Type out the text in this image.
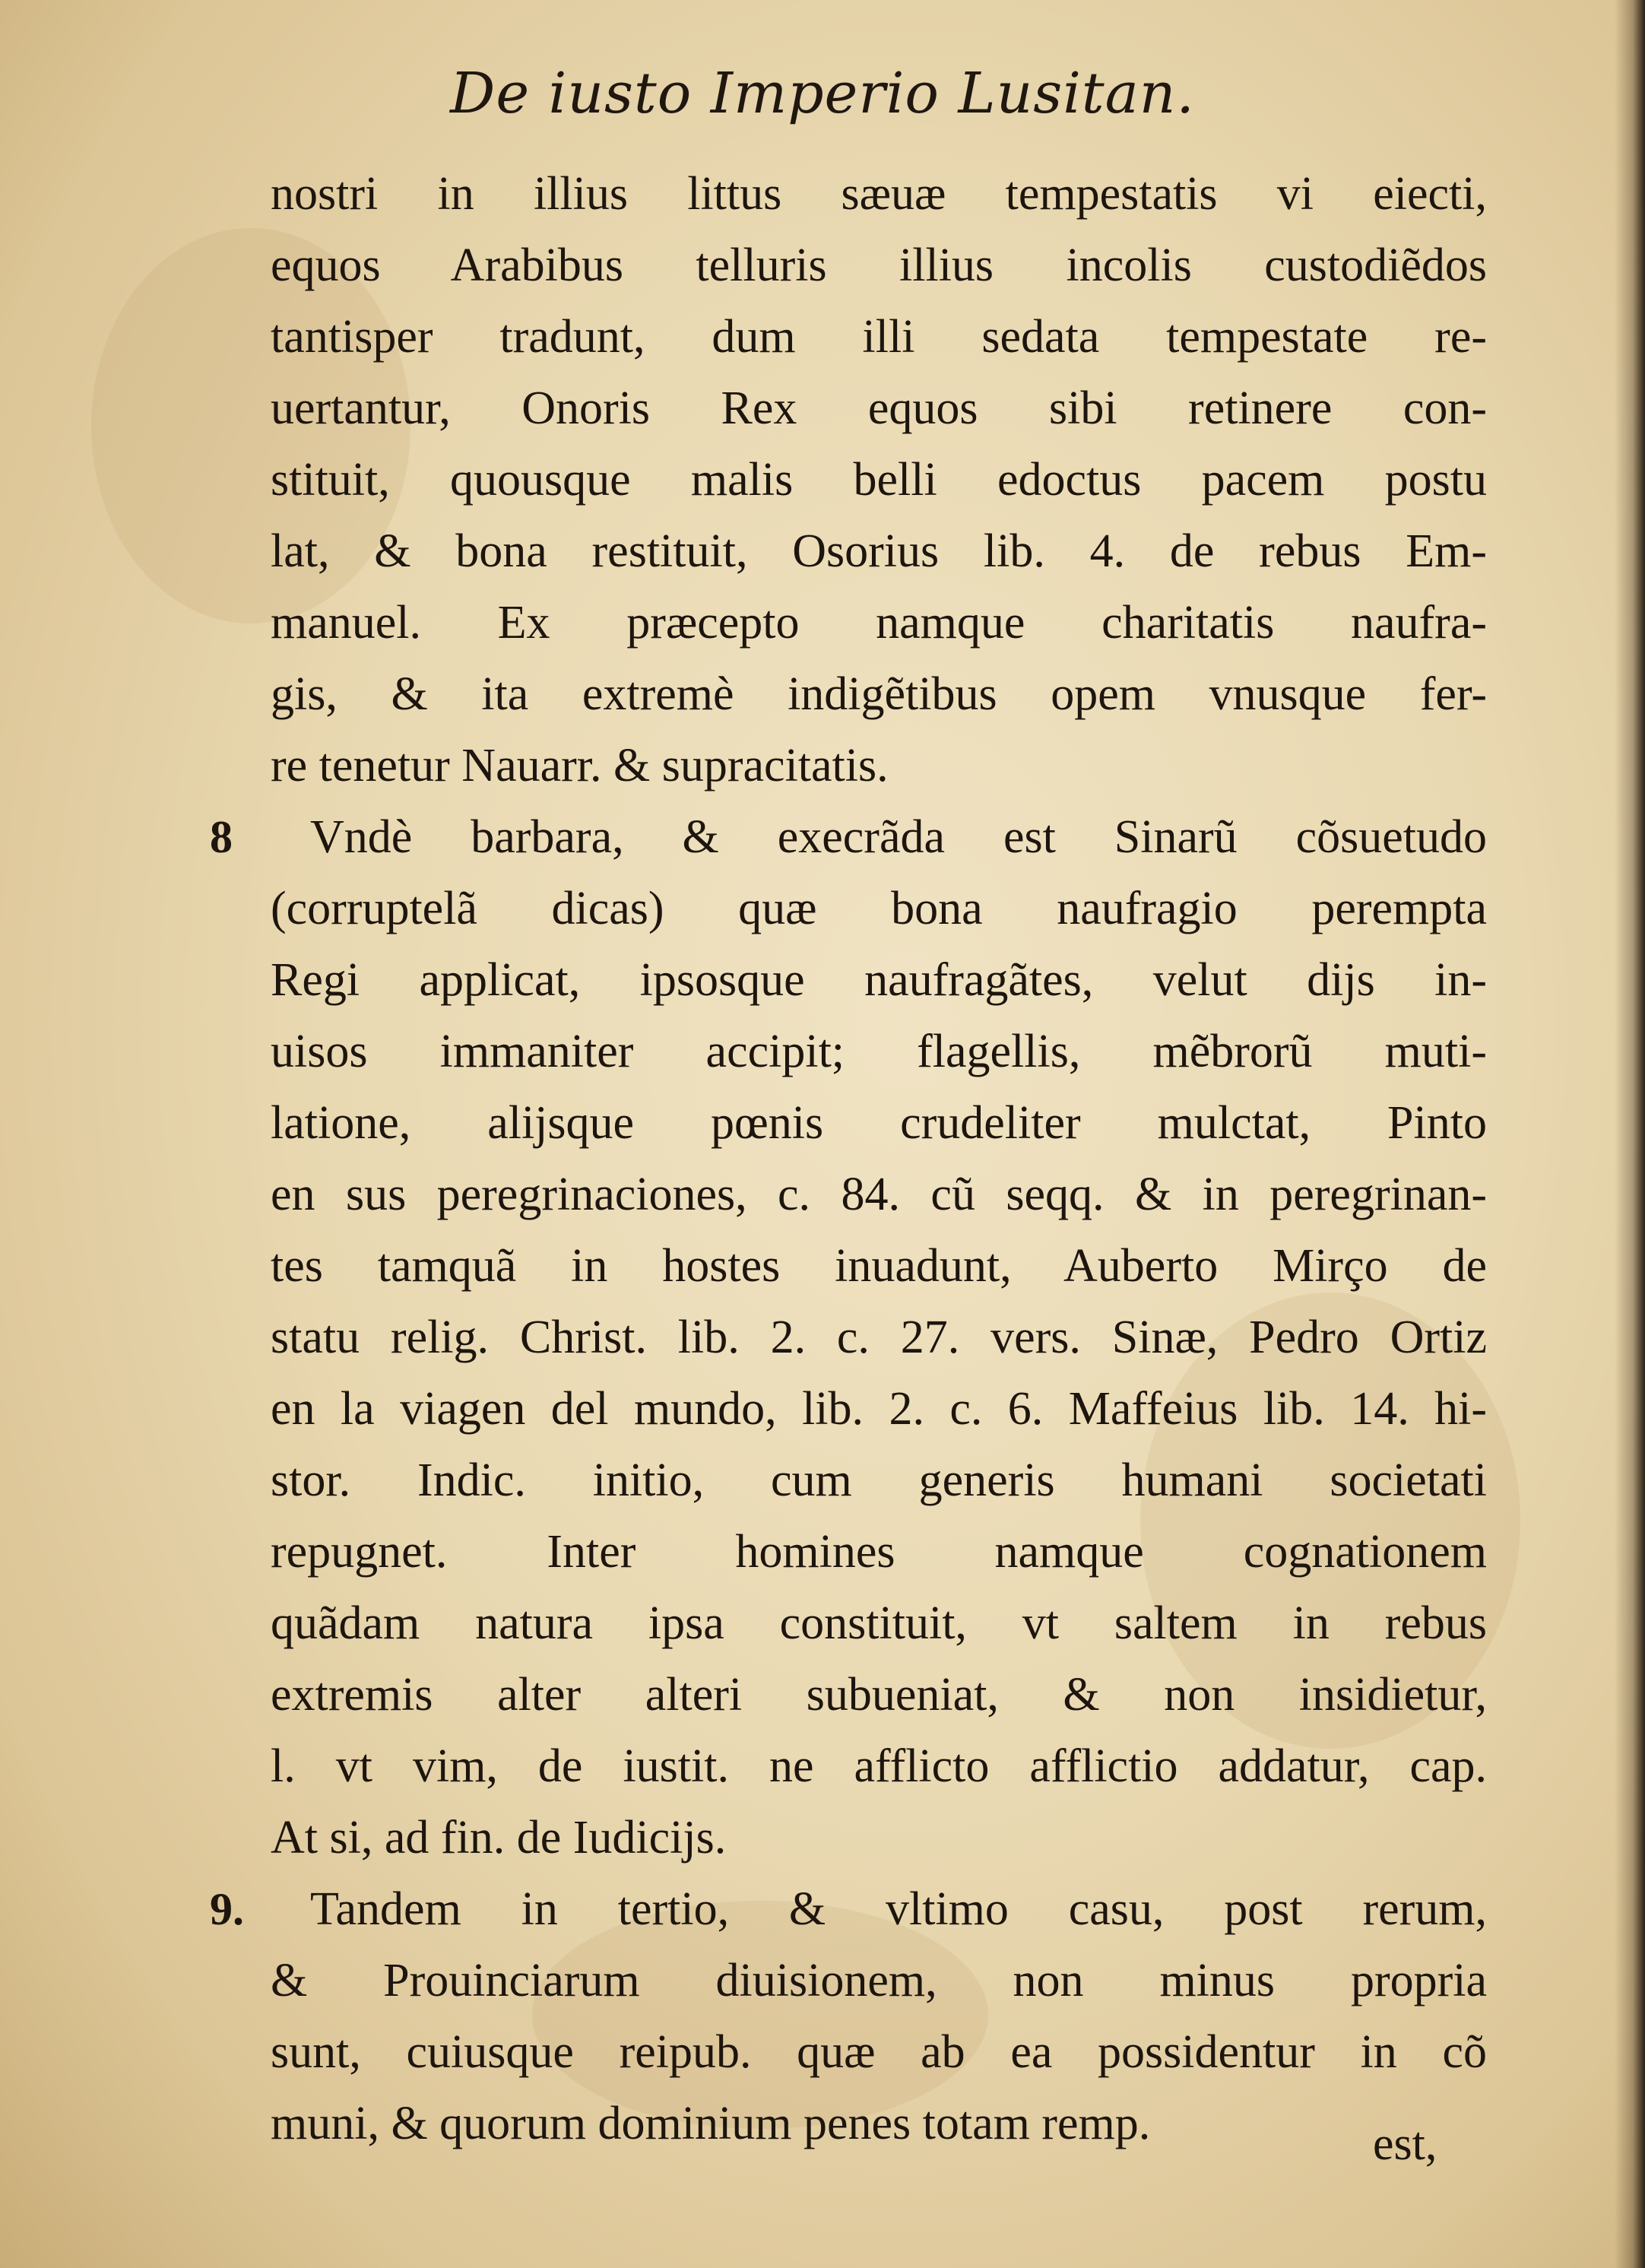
De iusto Imperio Lusitan.
nostri in illius littus sæuæ tempestatis vi eiecti,
equos Arabibus telluris illius incolis custodiẽdos
tantisper tradunt, dum illi sedata tempestate re-
uertantur, Onoris Rex equos sibi retinere con-
stituit, quousque malis belli edoctus pacem postu
lat, & bona restituit, Osorius lib. 4. de rebus Em-
manuel. Ex præcepto namque charitatis naufra-
gis, & ita extremè indigẽtibus opem vnusque fer-
re tenetur Nauarr. & supracitatis.
8 Vndè barbara, & execrãda est Sinarũ cõsuetudo
(corruptelã dicas) quæ bona naufragio perempta
Regi applicat, ipsosque naufragãtes, velut dijs in-
uisos immaniter accipit; flagellis, mẽbrorũ muti-
latione, alijsque pœnis crudeliter mulctat, Pinto
en sus peregrinaciones, c. 84. cũ seqq. & in peregrinan-
tes tamquã in hostes inuadunt, Auberto Mirço de
statu relig. Christ. lib. 2. c. 27. vers. Sinæ, Pedro Ortiz
en la viagen del mundo, lib. 2. c. 6. Maffeius lib. 14. hi-
stor. Indic. initio, cum generis humani societati
repugnet. Inter homines namque cognationem
quãdam natura ipsa constituit, vt saltem in rebus
extremis alter alteri subueniat, & non insidietur,
l. vt vim, de iustit. ne afflicto afflictio addatur, cap.
At si, ad fin. de Iudicijs.
9. Tandem in tertio, & vltimo casu, post rerum,
& Prouinciarum diuisionem, non minus propria
sunt, cuiusque reipub. quæ ab ea possidentur in cõ
muni, & quorum dominium penes totam remp.	est,
